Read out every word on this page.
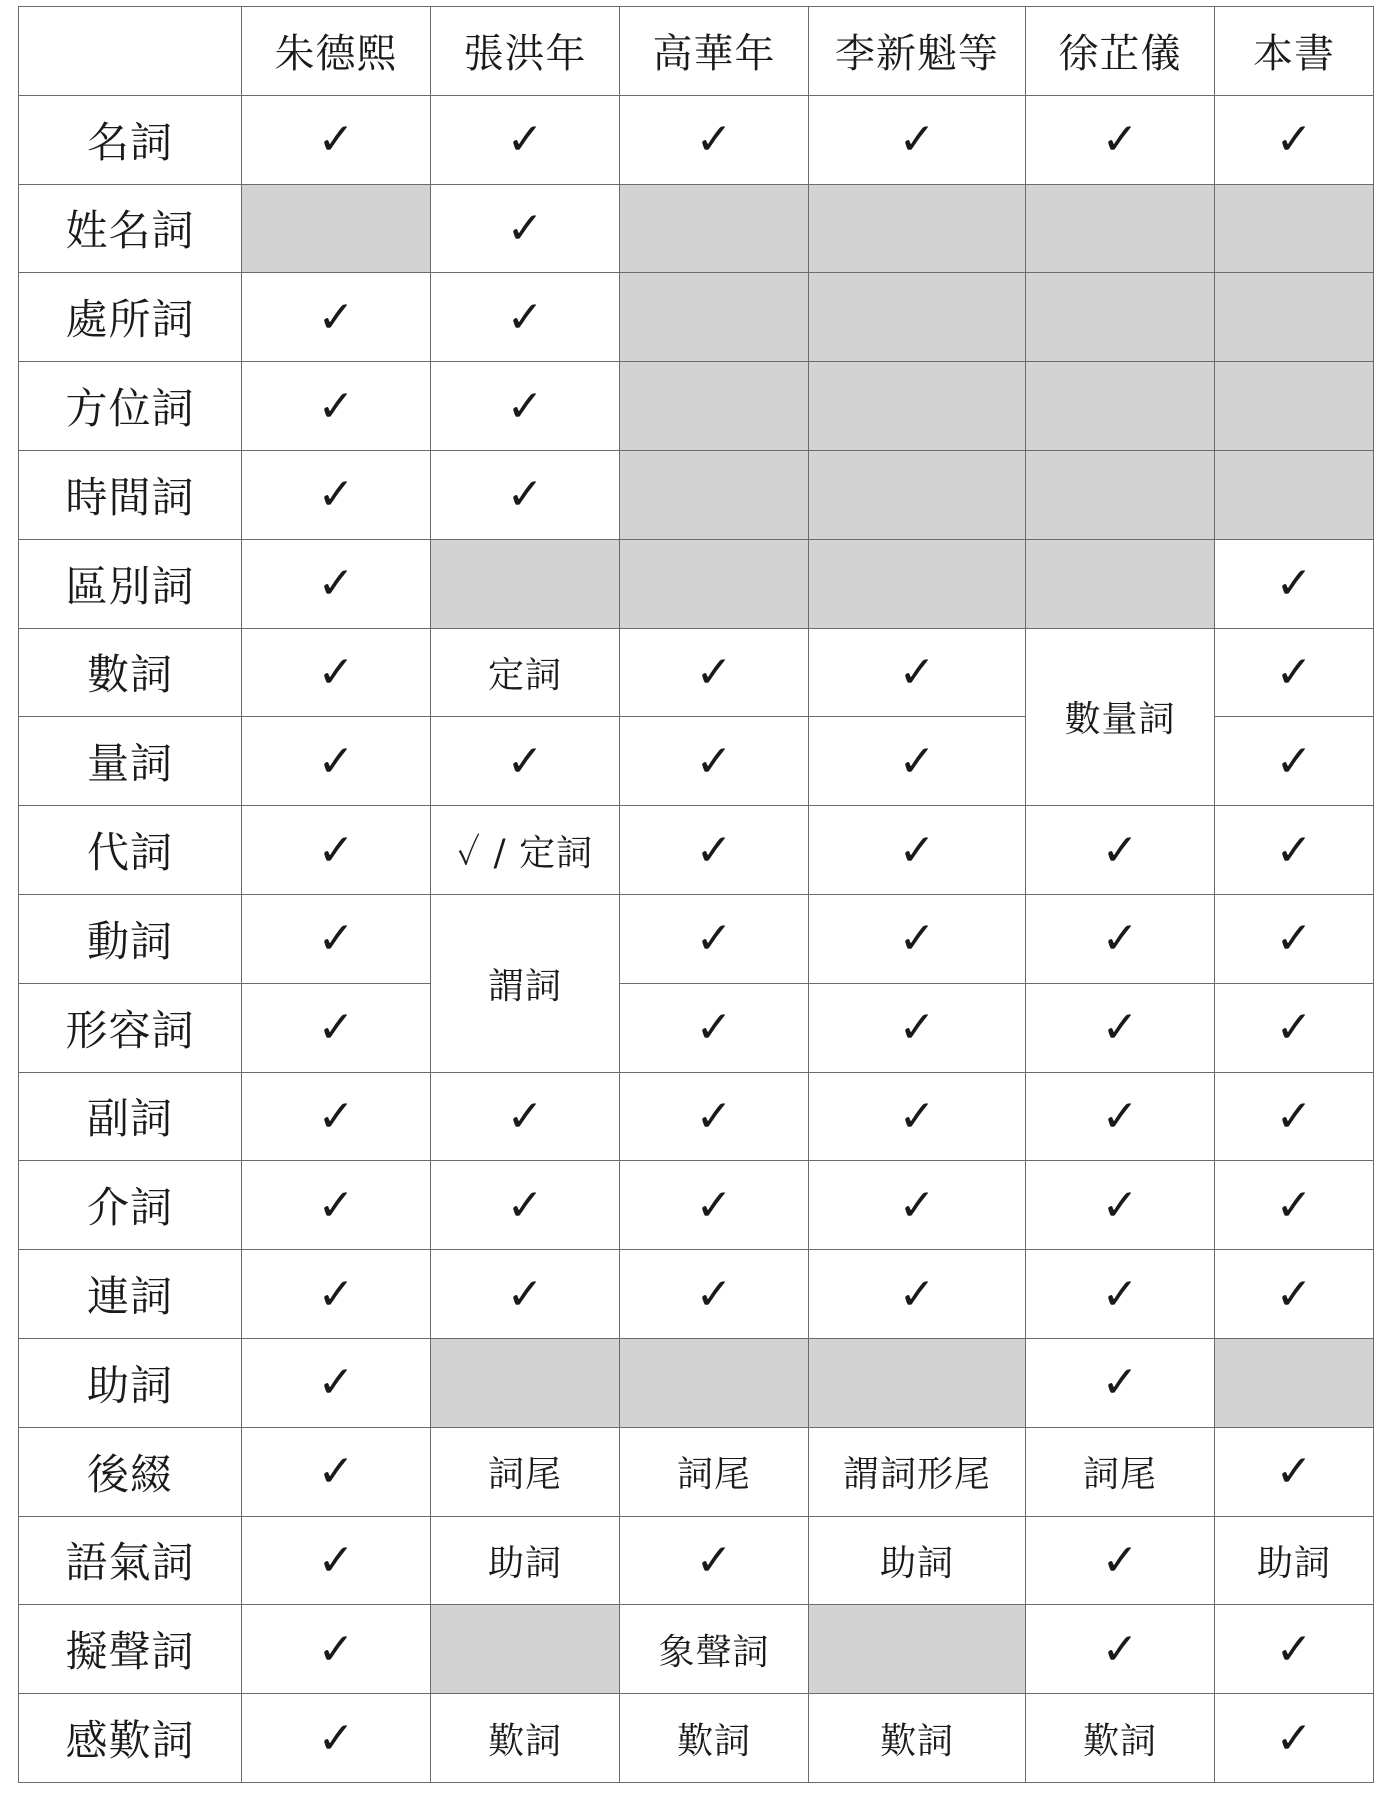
	朱德熙	張洪年	高華年	李新魁等	徐芷儀	本書
名詞	✓	✓	✓	✓	✓	✓
姓名詞		✓				
處所詞	✓	✓				
方位詞	✓	✓				
時間詞	✓	✓				
區別詞	✓					✓
數詞	✓	定詞	✓	✓	數量詞	✓
量詞	✓	✓	✓	✓		✓
代詞	✓	✓ / 定詞	✓	✓	✓	✓
動詞	✓	謂詞	✓	✓	✓	✓
形容詞	✓		✓	✓	✓	✓
副詞	✓	✓	✓	✓	✓	✓
介詞	✓	✓	✓	✓	✓	✓
連詞	✓	✓	✓	✓	✓	✓
助詞	✓				✓	
後綴	✓	詞尾	詞尾	謂詞形尾	詞尾	✓
語氣詞	✓	助詞	✓	助詞	✓	助詞
擬聲詞	✓		象聲詞		✓	✓
感歎詞	✓	歎詞	歎詞	歎詞	歎詞	✓
